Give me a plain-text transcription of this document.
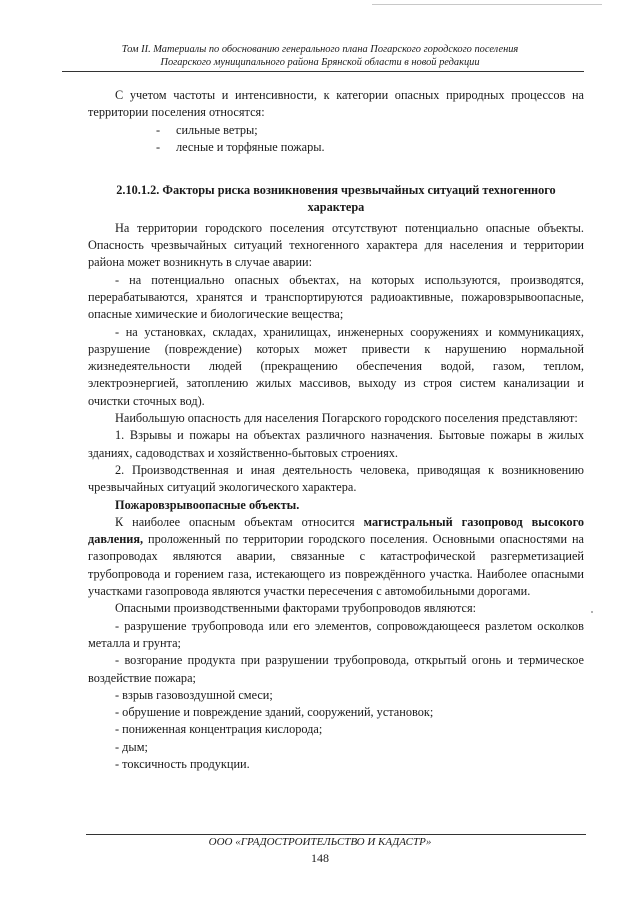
Том II. Материалы по обоснованию генерального плана Погарского городского поселения
Погарского муниципального района Брянской области в новой редакции

С учетом частоты и интенсивности, к категории опасных природных процессов на территории поселения относятся:

- сильные ветры;

- лесные и торфяные пожары.

2.10.1.2. Факторы риска возникновения чрезвычайных ситуаций техногенного характера

На территории городского поселения отсутствуют потенциально опасные объекты. Опасность чрезвычайных ситуаций техногенного характера для населения и территории района может возникнуть в случае аварии:

- на потенциально опасных объектах, на которых используются, производятся, перерабатываются, хранятся и транспортируются радиоактивные, пожаровзрывоопасные, опасные химические и биологические вещества;

- на установках, складах, хранилищах, инженерных сооружениях и коммуникациях, разрушение (повреждение) которых может привести к нарушению нормальной жизнедеятельности людей (прекращению обеспечения водой, газом, теплом, электроэнергией, затоплению жилых массивов, выходу из строя систем канализации и очистки сточных вод).

Наибольшую опасность для населения Погарского городского поселения представляют:

1. Взрывы и пожары на объектах различного назначения. Бытовые пожары в жилых зданиях, садоводствах и хозяйственно-бытовых строениях.

2. Производственная и иная деятельность человека, приводящая к возникновению чрезвычайных ситуаций экологического характера.

Пожаровзрывоопасные объекты.

К наиболее опасным объектам относится магистральный газопровод высокого давления, проложенный по территории городского поселения. Основными опасностями на газопроводах являются аварии, связанные с катастрофической разгерметизацией трубопровода и горением газа, истекающего из повреждённого участка. Наиболее опасными участками газопровода являются участки пересечения с автомобильными дорогами.

Опасными производственными факторами трубопроводов являются:

- разрушение трубопровода или его элементов, сопровождающееся разлетом осколков металла и грунта;

- возгорание продукта при разрушении трубопровода, открытый огонь и термическое воздействие пожара;

- взрыв газовоздушной смеси;

- обрушение и повреждение зданий, сооружений, установок;

- пониженная концентрация кислорода;

- дым;

- токсичность продукции.

ООО «ГРАДОСТРОИТЕЛЬСТВО И КАДАСТР»
148
